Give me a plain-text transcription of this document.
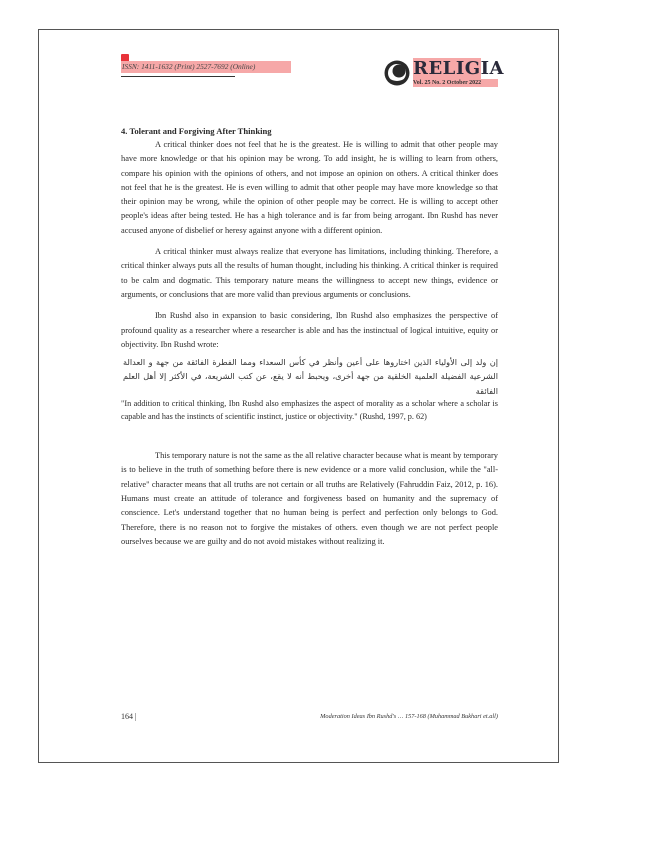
ISSN: 1411-1632 (Print) 2527-7692 (Online)	RELIGIA
Vol. 25 No. 2 October 2022
4. Tolerant and Forgiving After Thinking

A critical thinker does not feel that he is the greatest. He is willing to admit that other people may have more knowledge or that his opinion may be wrong. To add insight, he is willing to learn from others, compare his opinion with the opinions of others, and not impose an opinion on others. A critical thinker does not feel that he is the greatest. He is even willing to admit that other people may have more knowledge so that their opinion may be wrong, while the opinion of other people may be correct. He is willing to accept other people's ideas after being tested. He has a high tolerance and is far from being arrogant. Ibn Rushd has never accused anyone of disbelief or heresy against anyone with a different opinion.

A critical thinker must always realize that everyone has limitations, including thinking. Therefore, a critical thinker always puts all the results of human thought, including his thinking. A critical thinker is required to be calm and dogmatic. This temporary nature means the willingness to accept new things, evidence or arguments, or conclusions that are more valid than previous arguments or conclusions.

Ibn Rushd also in expansion to basic considering, Ibn Rushd also emphasizes the perspective of profound quality as a researcher where a researcher is able and has the instinctual of logical intuitive, equity or objectivity. Ibn Rushd wrote:

إن ولد إلى الأولياء الذين اختاروها على أعين وأنظر في كأس السعداء ومما الفطرة الفائقة من جهة و العدالة الشرعية الفضيلة العلمية الخلقية من جهة أخرى، ويحبط أنه لا يقع، عن كتب الشريعة، في الأكثر إلا أهل العلم الفائقة

"In addition to critical thinking, Ibn Rushd also emphasizes the aspect of morality as a scholar where a scholar is capable and has the instincts of scientific instinct, justice or objectivity." (Rushd, 1997, p. 62)

This temporary nature is not the same as the all relative character because what is meant by temporary is to believe in the truth of something before there is new evidence or a more valid conclusion, while the "all-relative" character means that all truths are not certain or all truths are Relatively (Fahruddin Faiz, 2012, p. 16). Humans must create an attitude of tolerance and forgiveness based on humanity and the supremacy of conscience. Let's understand together that no human being is perfect and perfection only belongs to God. Therefore, there is no reason not to forgive the mistakes of others. even though we are not perfect people ourselves because we are guilty and do not avoid mistakes without realizing it.

164 |	Moderation Ideas Ibn Rushd's … 157-168 (Muhammad Bukhari et.all)
